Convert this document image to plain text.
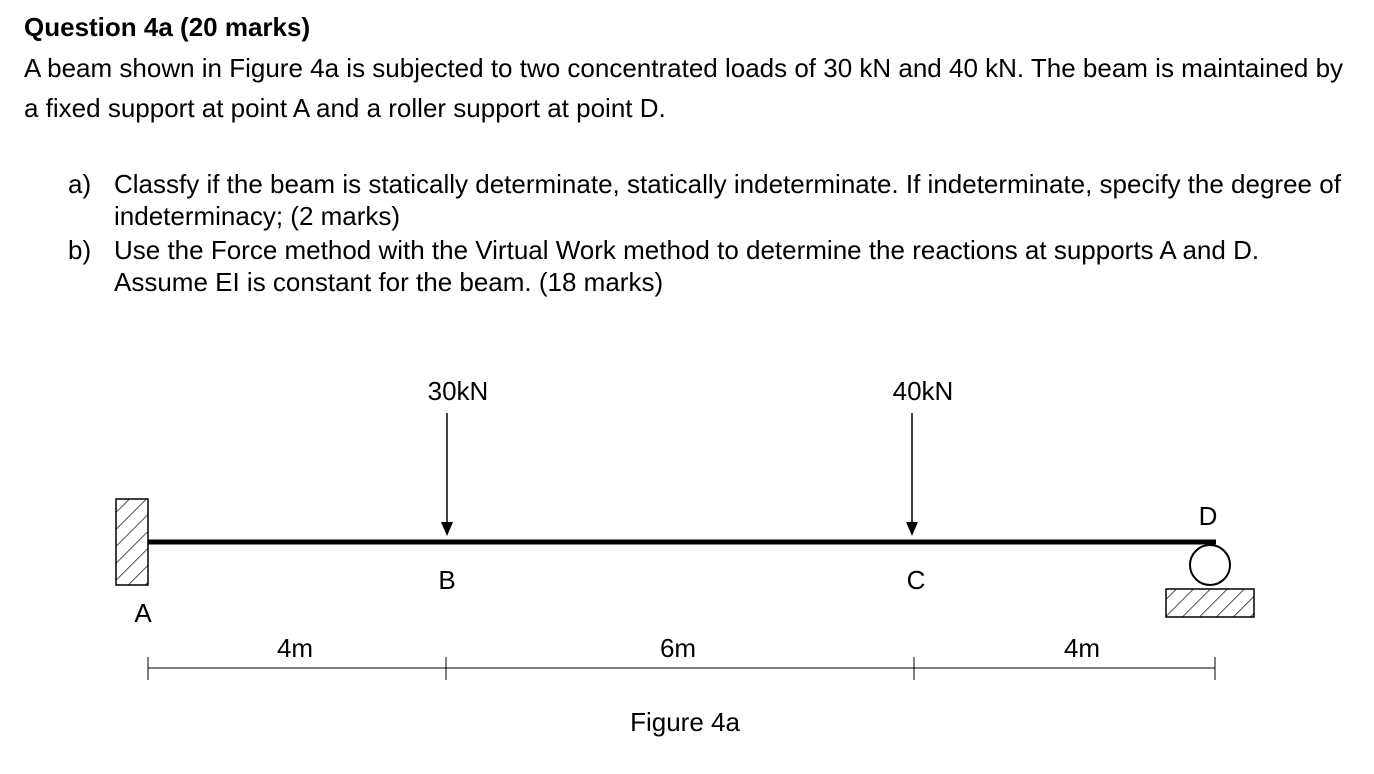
Question 4a (20 marks)
A beam shown in Figure 4a is subjected to two concentrated loads of 30 kN and 40 kN. The beam is maintained by a fixed support at point A and a roller support at point D.
a) Classfy if the beam is statically determinate, statically indeterminate. If indeterminate, specify the degree of indeterminacy; (2 marks)
b) Use the Force method with the Virtual Work method to determine the reactions at supports A and D. Assume EI is constant for the beam. (18 marks)
30kN	40kN
A
B	C
D
4m	6m	4m
Figure 4a
